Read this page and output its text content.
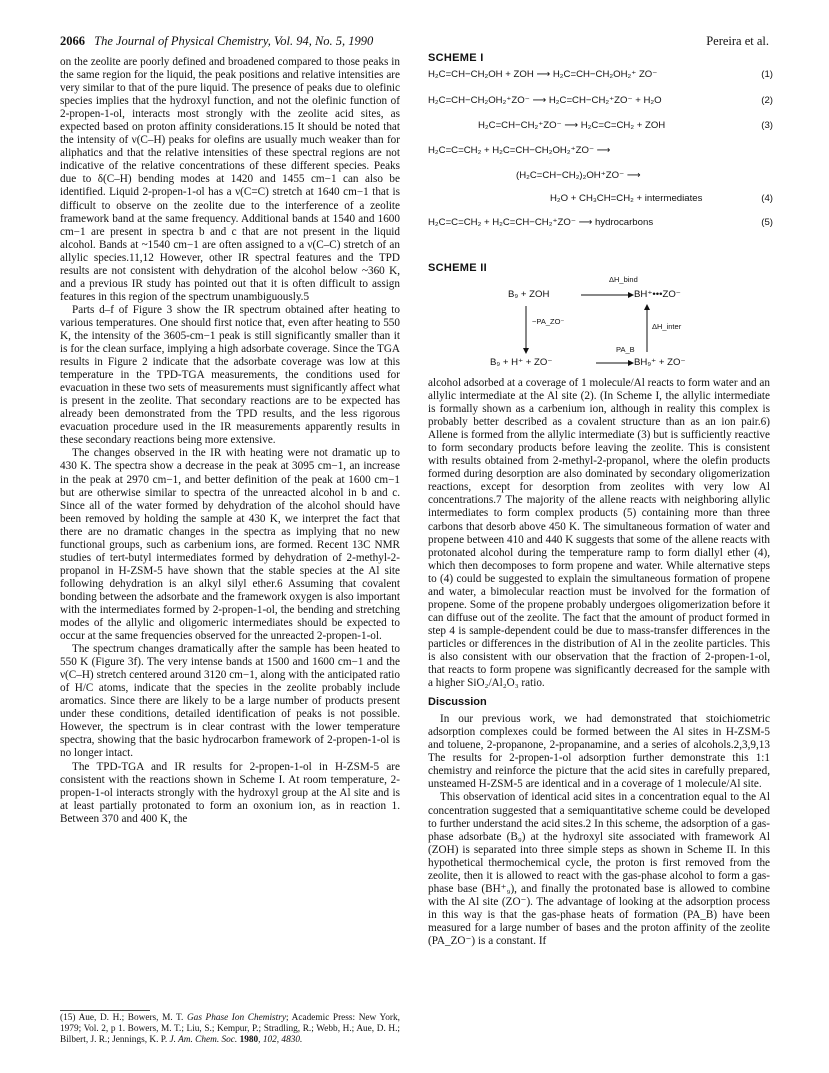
2066 The Journal of Physical Chemistry, Vol. 94, No. 5, 1990	Pereira et al.

on the zeolite are poorly defined and broadened compared to those peaks in the same region for the liquid, the peak positions and relative intensities are very similar to that of the pure liquid. The presence of peaks due to olefinic species implies that the hydroxyl function, and not the olefinic function of 2-propen-1-ol, interacts most strongly with the zeolite acid sites, as expected based on proton affinity considerations.15 It should be noted that the intensity of ν(C–H) peaks for olefins are usually much weaker than for aliphatics and that the relative intensities of these spectral regions are not indicative of the relative concentrations of these different species. Peaks due to δ(C–H) bending modes at 1420 and 1455 cm−1 can also be identified. Liquid 2-propen-1-ol has a ν(C=C) stretch at 1640 cm−1 that is difficult to observe on the zeolite due to the interference of a zeolite framework band at the same frequency. Additional bands at 1540 and 1600 cm−1 are present in spectra b and c that are not present in the liquid alcohol. Bands at ~1540 cm−1 are often assigned to a ν(C–C) stretch of an allylic species.11,12 However, other IR spectral features and the TPD results are not consistent with dehydration of the alcohol below ~360 K, and a previous IR study has pointed out that it is often difficult to assign features in this region of the spectrum unambiguously.5

Parts d–f of Figure 3 show the IR spectrum obtained after heating to various temperatures. One should first notice that, even after heating to 550 K, the intensity of the 3605-cm−1 peak is still significantly smaller than it is for the clean surface, implying a high adsorbate coverage. Since the TGA results in Figure 2 indicate that the adsorbate coverage was low at this temperature in the TPD-TGA measurements, the conditions used for evacuation in these two sets of measurements must significantly affect what is present in the zeolite. That secondary reactions are to be expected has already been demonstrated from the TPD results, and the less rigorous evacuation procedure used in the IR measurements apparently results in these secondary reactions being more extensive.

The changes observed in the IR with heating were not dramatic up to 430 K. The spectra show a decrease in the peak at 3095 cm−1, an increase in the peak at 2970 cm−1, and better definition of the peak at 1600 cm−1 but are otherwise similar to spectra of the unreacted alcohol in b and c. Since all of the water formed by dehydration of the alcohol should have been removed by holding the sample at 430 K, we interpret the fact that there are no dramatic changes in the spectra as implying that no new functional groups, such as carbenium ions, are formed. Recent 13C NMR studies of tert-butyl intermediates formed by dehydration of 2-methyl-2-propanol in H-ZSM-5 have shown that the stable species at the Al site following dehydration is an alkyl silyl ether.6 Assuming that covalent bonding between the adsorbate and the framework oxygen is also important with the intermediates formed by 2-propen-1-ol, the bending and stretching modes of the allylic and oligomeric intermediates should be expected to occur at the same frequencies observed for the unreacted 2-propen-1-ol.

The spectrum changes dramatically after the sample has been heated to 550 K (Figure 3f). The very intense bands at 1500 and 1600 cm−1 and the ν(C–H) stretch centered around 3120 cm−1, along with the anticipated ratio of H/C atoms, indicate that the species in the zeolite probably include aromatics. Since there are likely to be a large number of products present under these conditions, detailed identification of peaks is not possible. However, the spectrum is in clear contrast with the lower temperature spectra, showing that the basic hydrocarbon framework of 2-propen-1-ol is no longer intact.

The TPD-TGA and IR results for 2-propen-1-ol in H-ZSM-5 are consistent with the reactions shown in Scheme I. At room temperature, 2-propen-1-ol interacts strongly with the hydroxyl group at the Al site and is at least partially protonated to form an oxonium ion, as in reaction 1. Between 370 and 400 K, the

(15) Aue, D. H.; Bowers, M. T. Gas Phase Ion Chemistry; Academic Press: New York, 1979; Vol. 2, p 1. Bowers, M. T.; Liu, S.; Kempur, P.; Stradling, R.; Webb, H.; Aue, D. H.; Bilbert, J. R.; Jennings, K. P. J. Am. Chem. Soc. 1980, 102, 4830.
SCHEME I
H₂C=CH−CH₂OH + ZOH ⟶ H₂C=CH−CH₂OH₂⁺ ZO⁻	(1)
H₂C=CH−CH₂OH₂⁺ZO⁻ ⟶ H₂C=CH−CH₂⁺ZO⁻ + H₂O	(2)
H₂C=CH−CH₂⁺ZO⁻ ⟶ H₂C=C=CH₂ + ZOH	(3)
H₂C=C=CH₂ + H₂C=CH−CH₂OH₂⁺ZO⁻ ⟶
(H₂C=CH−CH₂)₂OH⁺ZO⁻ ⟶
H₂O + CH₃CH=CH₂ + intermediates	(4)
H₂C=C=CH₂ + H₂C=CH−CH₂⁺ZO⁻ ⟶ hydrocarbons	(5)
SCHEME II
B₉ + ZOH
ΔH_bind
BH⁺•••ZO⁻
−PA_ZO⁻
ΔH_inter
PA_B
B₉ + H⁺ + ZO⁻	BH₉⁺ + ZO⁻

alcohol adsorbed at a coverage of 1 molecule/Al reacts to form water and an allylic intermediate at the Al site (2). (In Scheme I, the allylic intermediate is formally shown as a carbenium ion, although in reality this complex is probably better described as a covalent structure than as an ion pair.6) Allene is formed from the allylic intermediate (3) but is sufficiently reactive to form secondary products before leaving the zeolite. This is consistent with results obtained from 2-methyl-2-propanol, where the olefin products formed during desorption are also dominated by secondary oligomerization reactions, except for desorption from zeolites with very low Al concentrations.7 The majority of the allene reacts with neighboring allylic intermediates to form complex products (5) containing more than three carbons that desorb above 450 K. The simultaneous formation of water and propene between 410 and 440 K suggests that some of the allene reacts with protonated alcohol during the temperature ramp to form diallyl ether (4), which then decomposes to form propene and water. While alternative steps to (4) could be suggested to explain the simultaneous formation of propene and water, a bimolecular reaction must be involved for the formation of propene. Some of the propene probably undergoes oligomerization before it can diffuse out of the zeolite. The fact that the amount of product formed in step 4 is sample-dependent could be due to mass-transfer differences in the particles or differences in the distribution of Al in the zeolite particles. This is also consistent with our observation that the fraction of 2-propen-1-ol, that reacts to form propene was significantly decreased for the sample with a higher SiO₂/Al₂O₃ ratio.

Discussion

In our previous work, we had demonstrated that stoichiometric adsorption complexes could be formed between the Al sites in H-ZSM-5 and toluene, 2-propanone, 2-propanamine, and a series of alcohols.2,3,9,13 The results for 2-propen-1-ol adsorption further demonstrate this 1:1 chemistry and reinforce the picture that the acid sites in carefully prepared, unsteamed H-ZSM-5 are identical and in a coverage of 1 molecule/Al site.

This observation of identical acid sites in a concentration equal to the Al concentration suggested that a semiquantitative scheme could be developed to further understand the acid sites.2 In this scheme, the adsorption of a gas-phase adsorbate (B₉) at the hydroxyl site associated with framework Al (ZOH) is separated into three simple steps as shown in Scheme II. In this hypothetical thermochemical cycle, the proton is first removed from the zeolite, then it is allowed to react with the gas-phase alcohol to form a gas-phase base (BH⁺₉), and finally the protonated base is allowed to combine with the Al site (ZO⁻). The advantage of looking at the adsorption process in this way is that the gas-phase heats of formation (PA_B) have been measured for a large number of bases and the proton affinity of the zeolite (PA_ZO⁻) is a constant. If
